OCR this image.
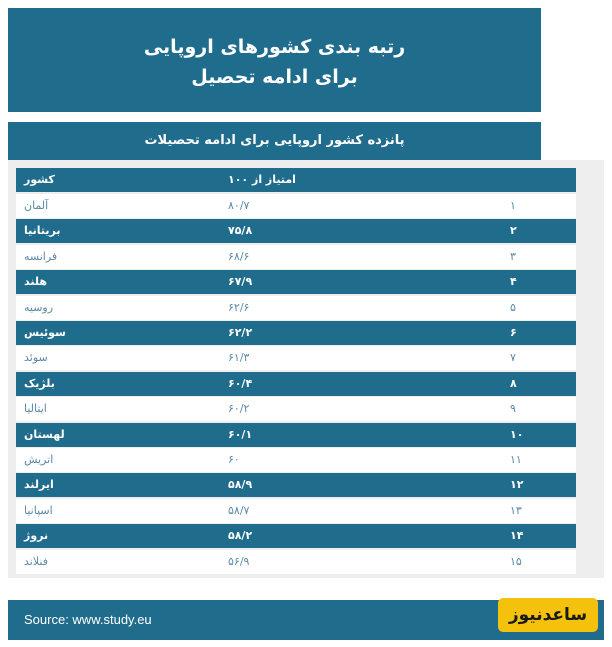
رتبه بندی کشورهای اروپایی
برای ادامه تحصیل
پانزده کشور اروپایی برای ادامه تحصیلات
کشور	امتیاز از ۱۰۰
آلمان	۸۰/۷	۱
بریتانیا	۷۵/۸	۲
فرانسه	۶۸/۶	۳
هلند	۶۷/۹	۴
روسیه	۶۲/۶	۵
سوئیس	۶۲/۲	۶
سوئد	۶۱/۳	۷
بلژیک	۶۰/۴	۸
ایتالیا	۶۰/۲	۹
لهستان	۶۰/۱	۱۰
اتریش	۶۰	۱۱
ایرلند	۵۸/۹	۱۲
اسپانیا	۵۸/۷	۱۳
نروژ	۵۸/۲	۱۴
فنلاند	۵۶/۹	۱۵
Source: www.study.eu	ساعدنیوز
